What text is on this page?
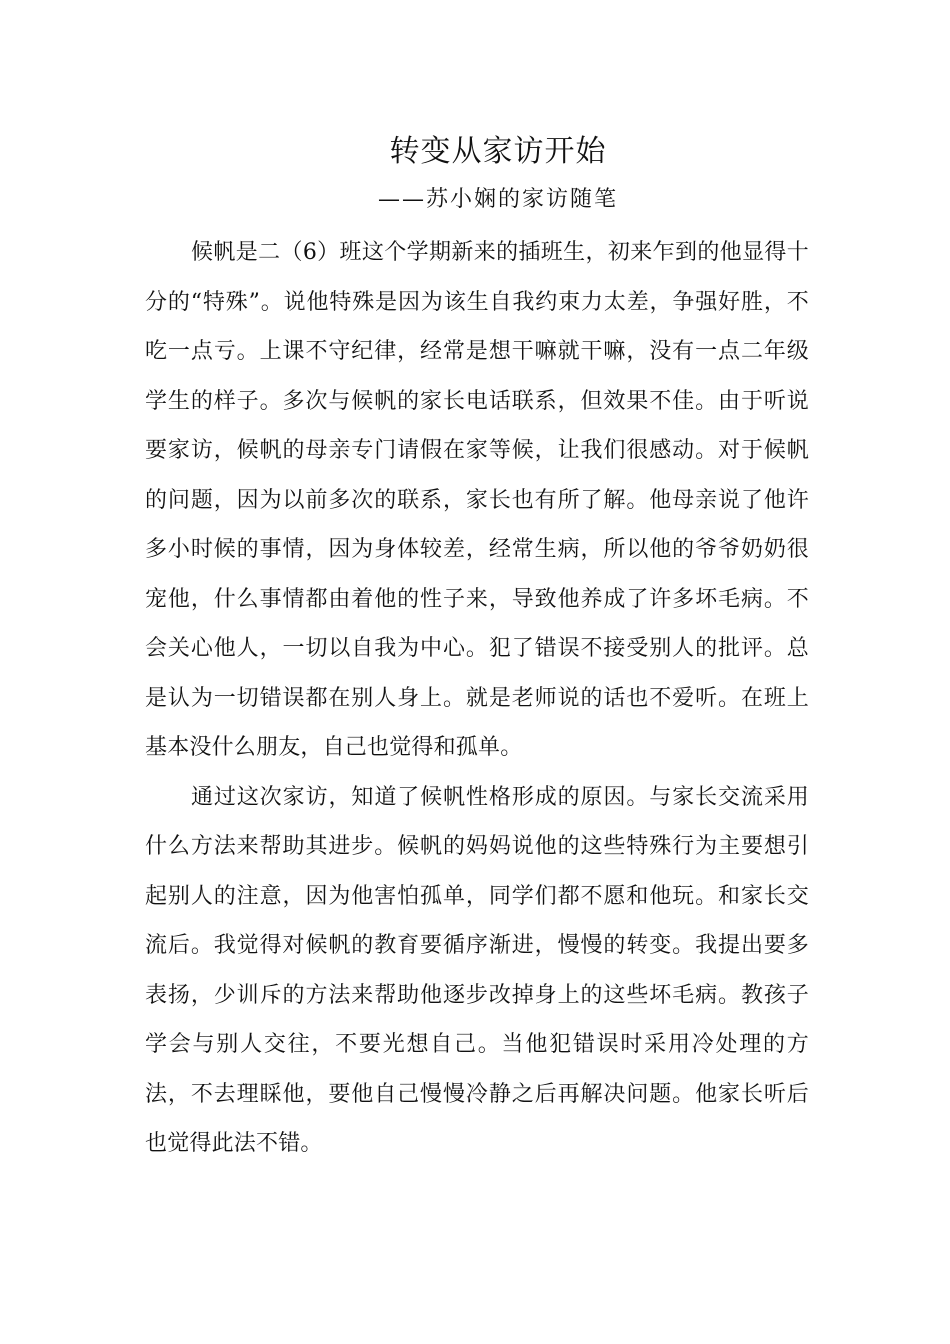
转变从家访开始
——苏小娴的家访随笔

候帆是二（6）班这个学期新来的插班生，初来乍到的他显得十分的“特殊”。说他特殊是因为该生自我约束力太差，争强好胜，不吃一点亏。上课不守纪律，经常是想干嘛就干嘛，没有一点二年级学生的样子。多次与候帆的家长电话联系，但效果不佳。由于听说要家访，候帆的母亲专门请假在家等候，让我们很感动。对于候帆的问题，因为以前多次的联系，家长也有所了解。他母亲说了他许多小时候的事情，因为身体较差，经常生病，所以他的爷爷奶奶很宠他，什么事情都由着他的性子来，导致他养成了许多坏毛病。不会关心他人，一切以自我为中心。犯了错误不接受别人的批评。总是认为一切错误都在别人身上。就是老师说的话也不爱听。在班上基本没什么朋友，自己也觉得和孤单。

通过这次家访，知道了候帆性格形成的原因。与家长交流采用什么方法来帮助其进步。候帆的妈妈说他的这些特殊行为主要想引起别人的注意，因为他害怕孤单，同学们都不愿和他玩。和家长交流后。我觉得对候帆的教育要循序渐进，慢慢的转变。我提出要多表扬，少训斥的方法来帮助他逐步改掉身上的这些坏毛病。教孩子学会与别人交往，不要光想自己。当他犯错误时采用冷处理的方法，不去理睬他，要他自己慢慢冷静之后再解决问题。他家长听后也觉得此法不错。
